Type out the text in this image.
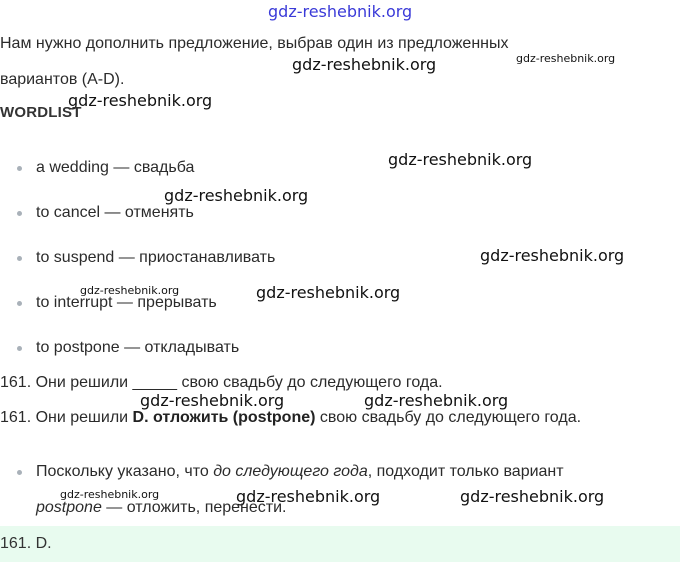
gdz-reshebnik.org
gdz-reshebnik.org	gdz-reshebnik.org
gdz-reshebnik.org
gdz-reshebnik.org
gdz-reshebnik.org
gdz-reshebnik.org
gdz-reshebnik.org	gdz-reshebnik.org
gdz-reshebnik.org	gdz-reshebnik.org
gdz-reshebnik.org	gdz-reshebnik.org	gdz-reshebnik.org
Нам нужно дополнить предложение, выбрав один из предложенных
вариантов (A-D).
WORDLIST
a wedding — свадьба
to cancel — отменять
to suspend — приостанавливать
to interrupt — прерывать
to postpone — откладывать
161. Они решили _____ свою свадьбу до следующего года.
161. Они решили D. отложить (postpone) свою свадьбу до следующего года.
Поскольку указано, что до следующего года, подходит только вариант
postpone — отложить, перенести.
161. D.
